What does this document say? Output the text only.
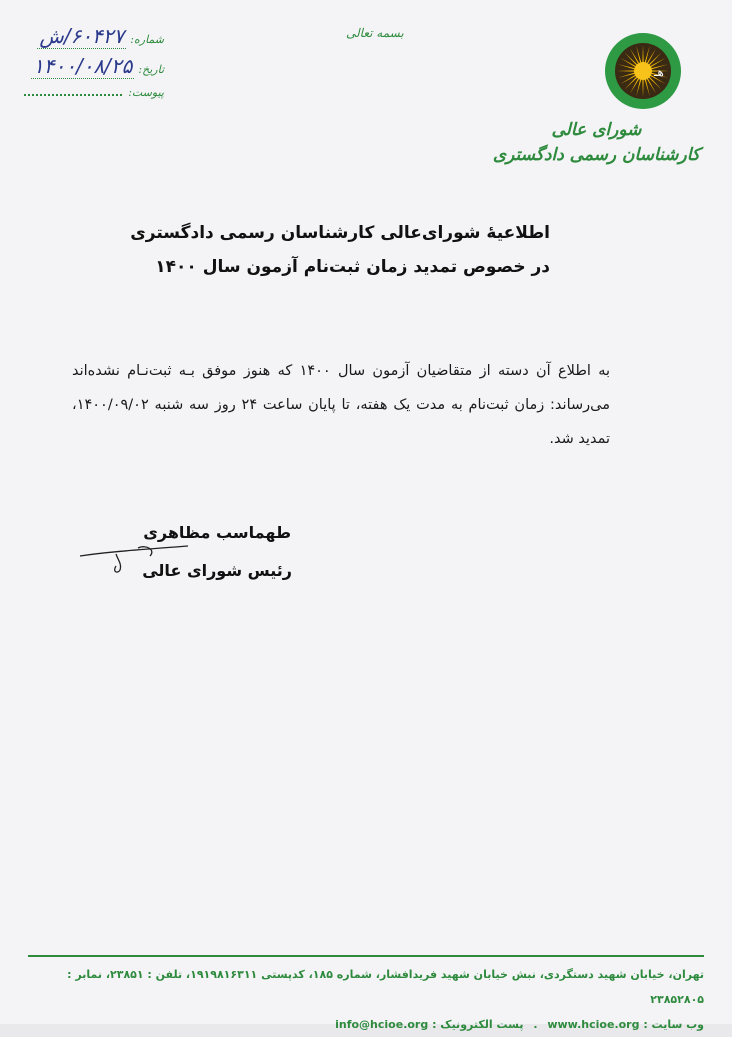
بسمه تعالی
شماره:
۶۰۴۲۷/ش
تاریخ:
۱۴۰۰/۰۸/۲۵
پیوست:
هـ
شورای عالی
کارشناسان رسمی دادگستری
اطلاعیۀ شورای‌عالی کارشناسان رسمی دادگستری
در خصوص تمدید زمان ثبت‌نام آزمون سال ۱۴۰۰
به اطلاع آن دسته از متقاضیان آزمون سال ۱۴۰۰ که هنوز موفق بـه ثبت‌نـام نشده‌اند می‌رساند: زمان ثبت‌نام به مدت یک هفته، تا پایان ساعت ۲۴ روز سه شنبه ۱۴۰۰/۰۹/۰۲، تمدید شد.
طهماسب مظاهری
رئیس شورای عالی
تهران، خیابان شهید دستگردی، نبش خیابان شهید فریدافشار، شماره ۱۸۵، کدپستی ۱۹۱۹۸۱۶۳۱۱، تلفن : ۲۳۸۵۱، نمابر : ۲۳۸۵۲۸۰۵
وب سایت : www.hcioe.org . پست الکترونیک : info@hcioe.org
